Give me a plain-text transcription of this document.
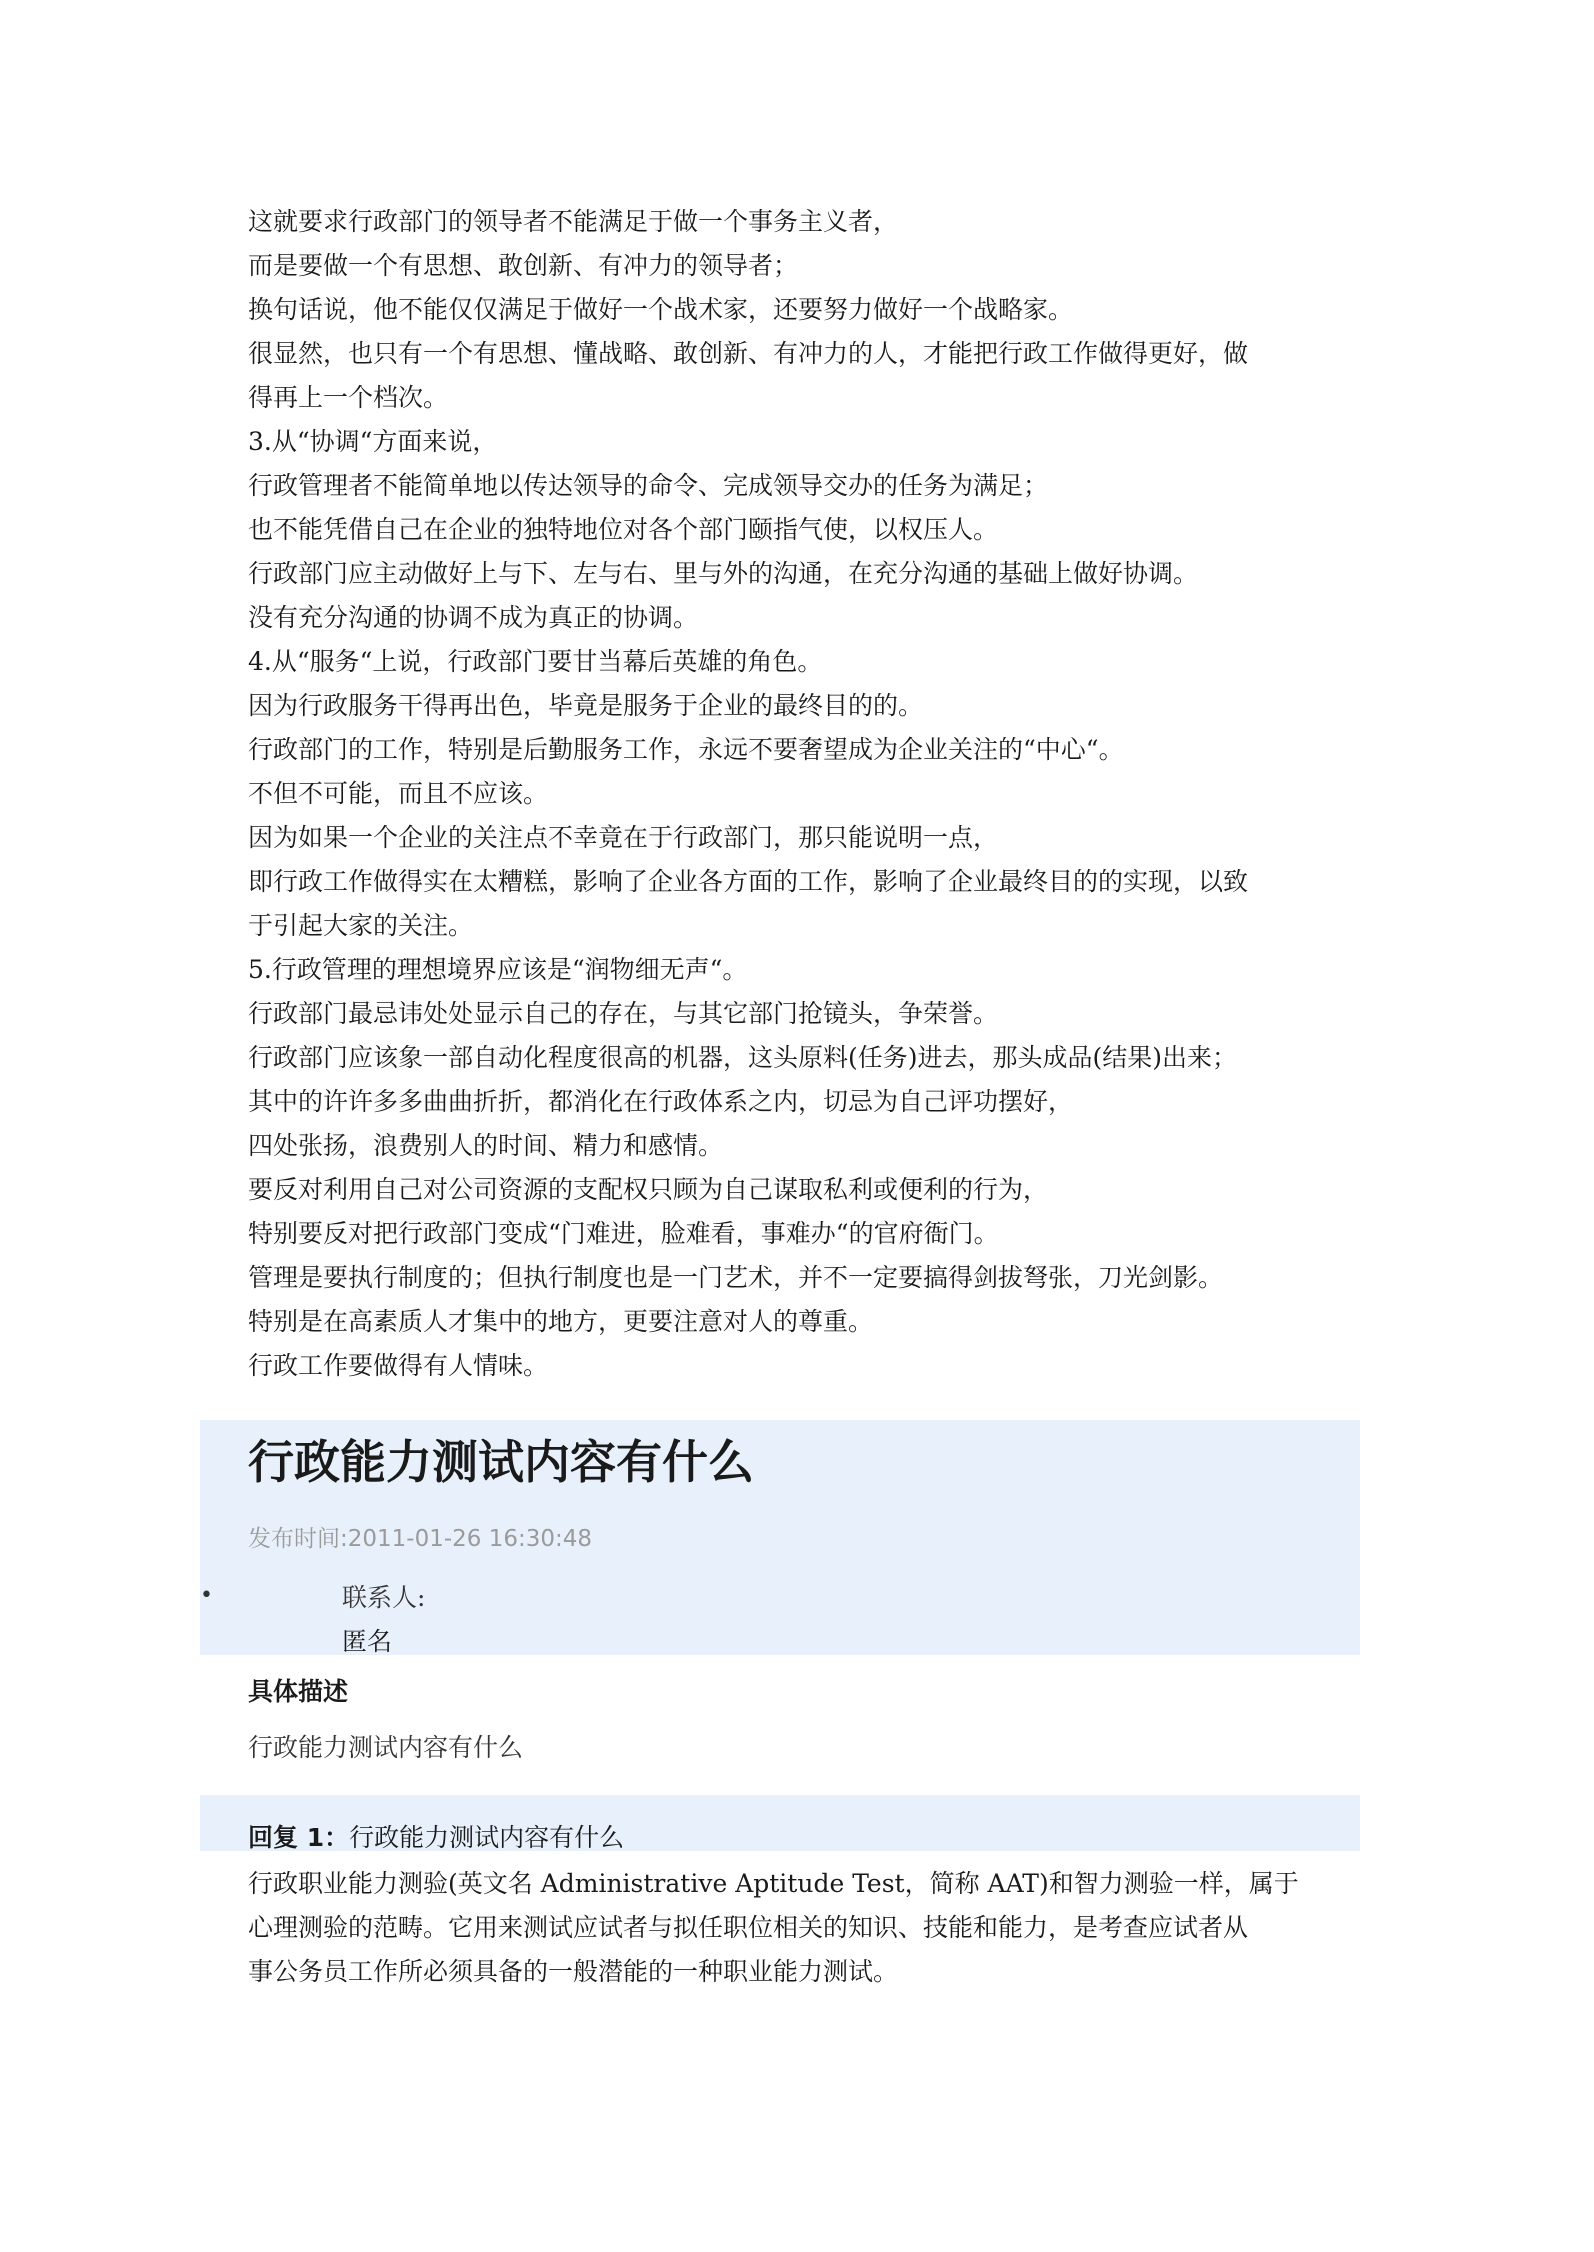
这就要求行政部门的领导者不能满足于做一个事务主义者，

而是要做一个有思想、敢创新、有冲力的领导者；

换句话说，他不能仅仅满足于做好一个战术家，还要努力做好一个战略家。

很显然，也只有一个有思想、懂战略、敢创新、有冲力的人，才能把行政工作做得更好，做

得再上一个档次。

3.从“协调“方面来说，

行政管理者不能简单地以传达领导的命令、完成领导交办的任务为满足；

也不能凭借自己在企业的独特地位对各个部门颐指气使，以权压人。

行政部门应主动做好上与下、左与右、里与外的沟通，在充分沟通的基础上做好协调。

没有充分沟通的协调不成为真正的协调。

4.从“服务“上说，行政部门要甘当幕后英雄的角色。

因为行政服务干得再出色，毕竟是服务于企业的最终目的的。

行政部门的工作，特别是后勤服务工作，永远不要奢望成为企业关注的“中心“。

不但不可能，而且不应该。

因为如果一个企业的关注点不幸竟在于行政部门，那只能说明一点，

即行政工作做得实在太糟糕，影响了企业各方面的工作，影响了企业最终目的的实现，以致

于引起大家的关注。

5.行政管理的理想境界应该是“润物细无声“。

行政部门最忌讳处处显示自己的存在，与其它部门抢镜头，争荣誉。

行政部门应该象一部自动化程度很高的机器，这头原料(任务)进去，那头成品(结果)出来；

其中的许许多多曲曲折折，都消化在行政体系之内，切忌为自己评功摆好，

四处张扬，浪费别人的时间、精力和感情。

要反对利用自己对公司资源的支配权只顾为自己谋取私利或便利的行为，

特别要反对把行政部门变成“门难进，脸难看，事难办“的官府衙门。

管理是要执行制度的；但执行制度也是一门艺术，并不一定要搞得剑拔弩张，刀光剑影。

特别是在高素质人才集中的地方，更要注意对人的尊重。

行政工作要做得有人情味。

行政能力测试内容有什么
发布时间:2011-01-26 16:30:48
•	联系人:
匿名
具体描述
行政能力测试内容有什么
回复 1：行政能力测试内容有什么

行政职业能力测验(英文名 Administrative Aptitude Test，简称 AAT)和智力测验一样，属于

心理测验的范畴。它用来测试应试者与拟任职位相关的知识、技能和能力，是考查应试者从

事公务员工作所必须具备的一般潜能的一种职业能力测试。
